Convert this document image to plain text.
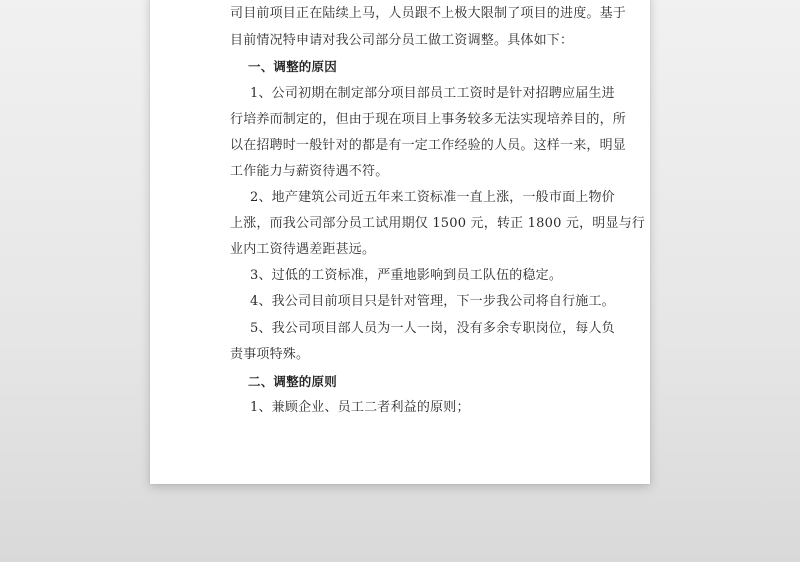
司目前项目正在陆续上马，人员跟不上极大限制了项目的进度。基于
目前情况特申请对我公司部分员工做工资调整。具体如下：
一、调整的原因
1、公司初期在制定部分项目部员工工资时是针对招聘应届生进
行培养而制定的，但由于现在项目上事务较多无法实现培养目的，所
以在招聘时一般针对的都是有一定工作经验的人员。这样一来，明显
工作能力与薪资待遇不符。
2、地产建筑公司近五年来工资标准一直上涨，一般市面上物价
上涨，而我公司部分员工试用期仅 1500 元，转正 1800 元，明显与行
业内工资待遇差距甚远。
3、过低的工资标准，严重地影响到员工队伍的稳定。
4、我公司目前项目只是针对管理，下一步我公司将自行施工。
5、我公司项目部人员为一人一岗，没有多余专职岗位，每人负
责事项特殊。
二、调整的原则
1、兼顾企业、员工二者利益的原则；
